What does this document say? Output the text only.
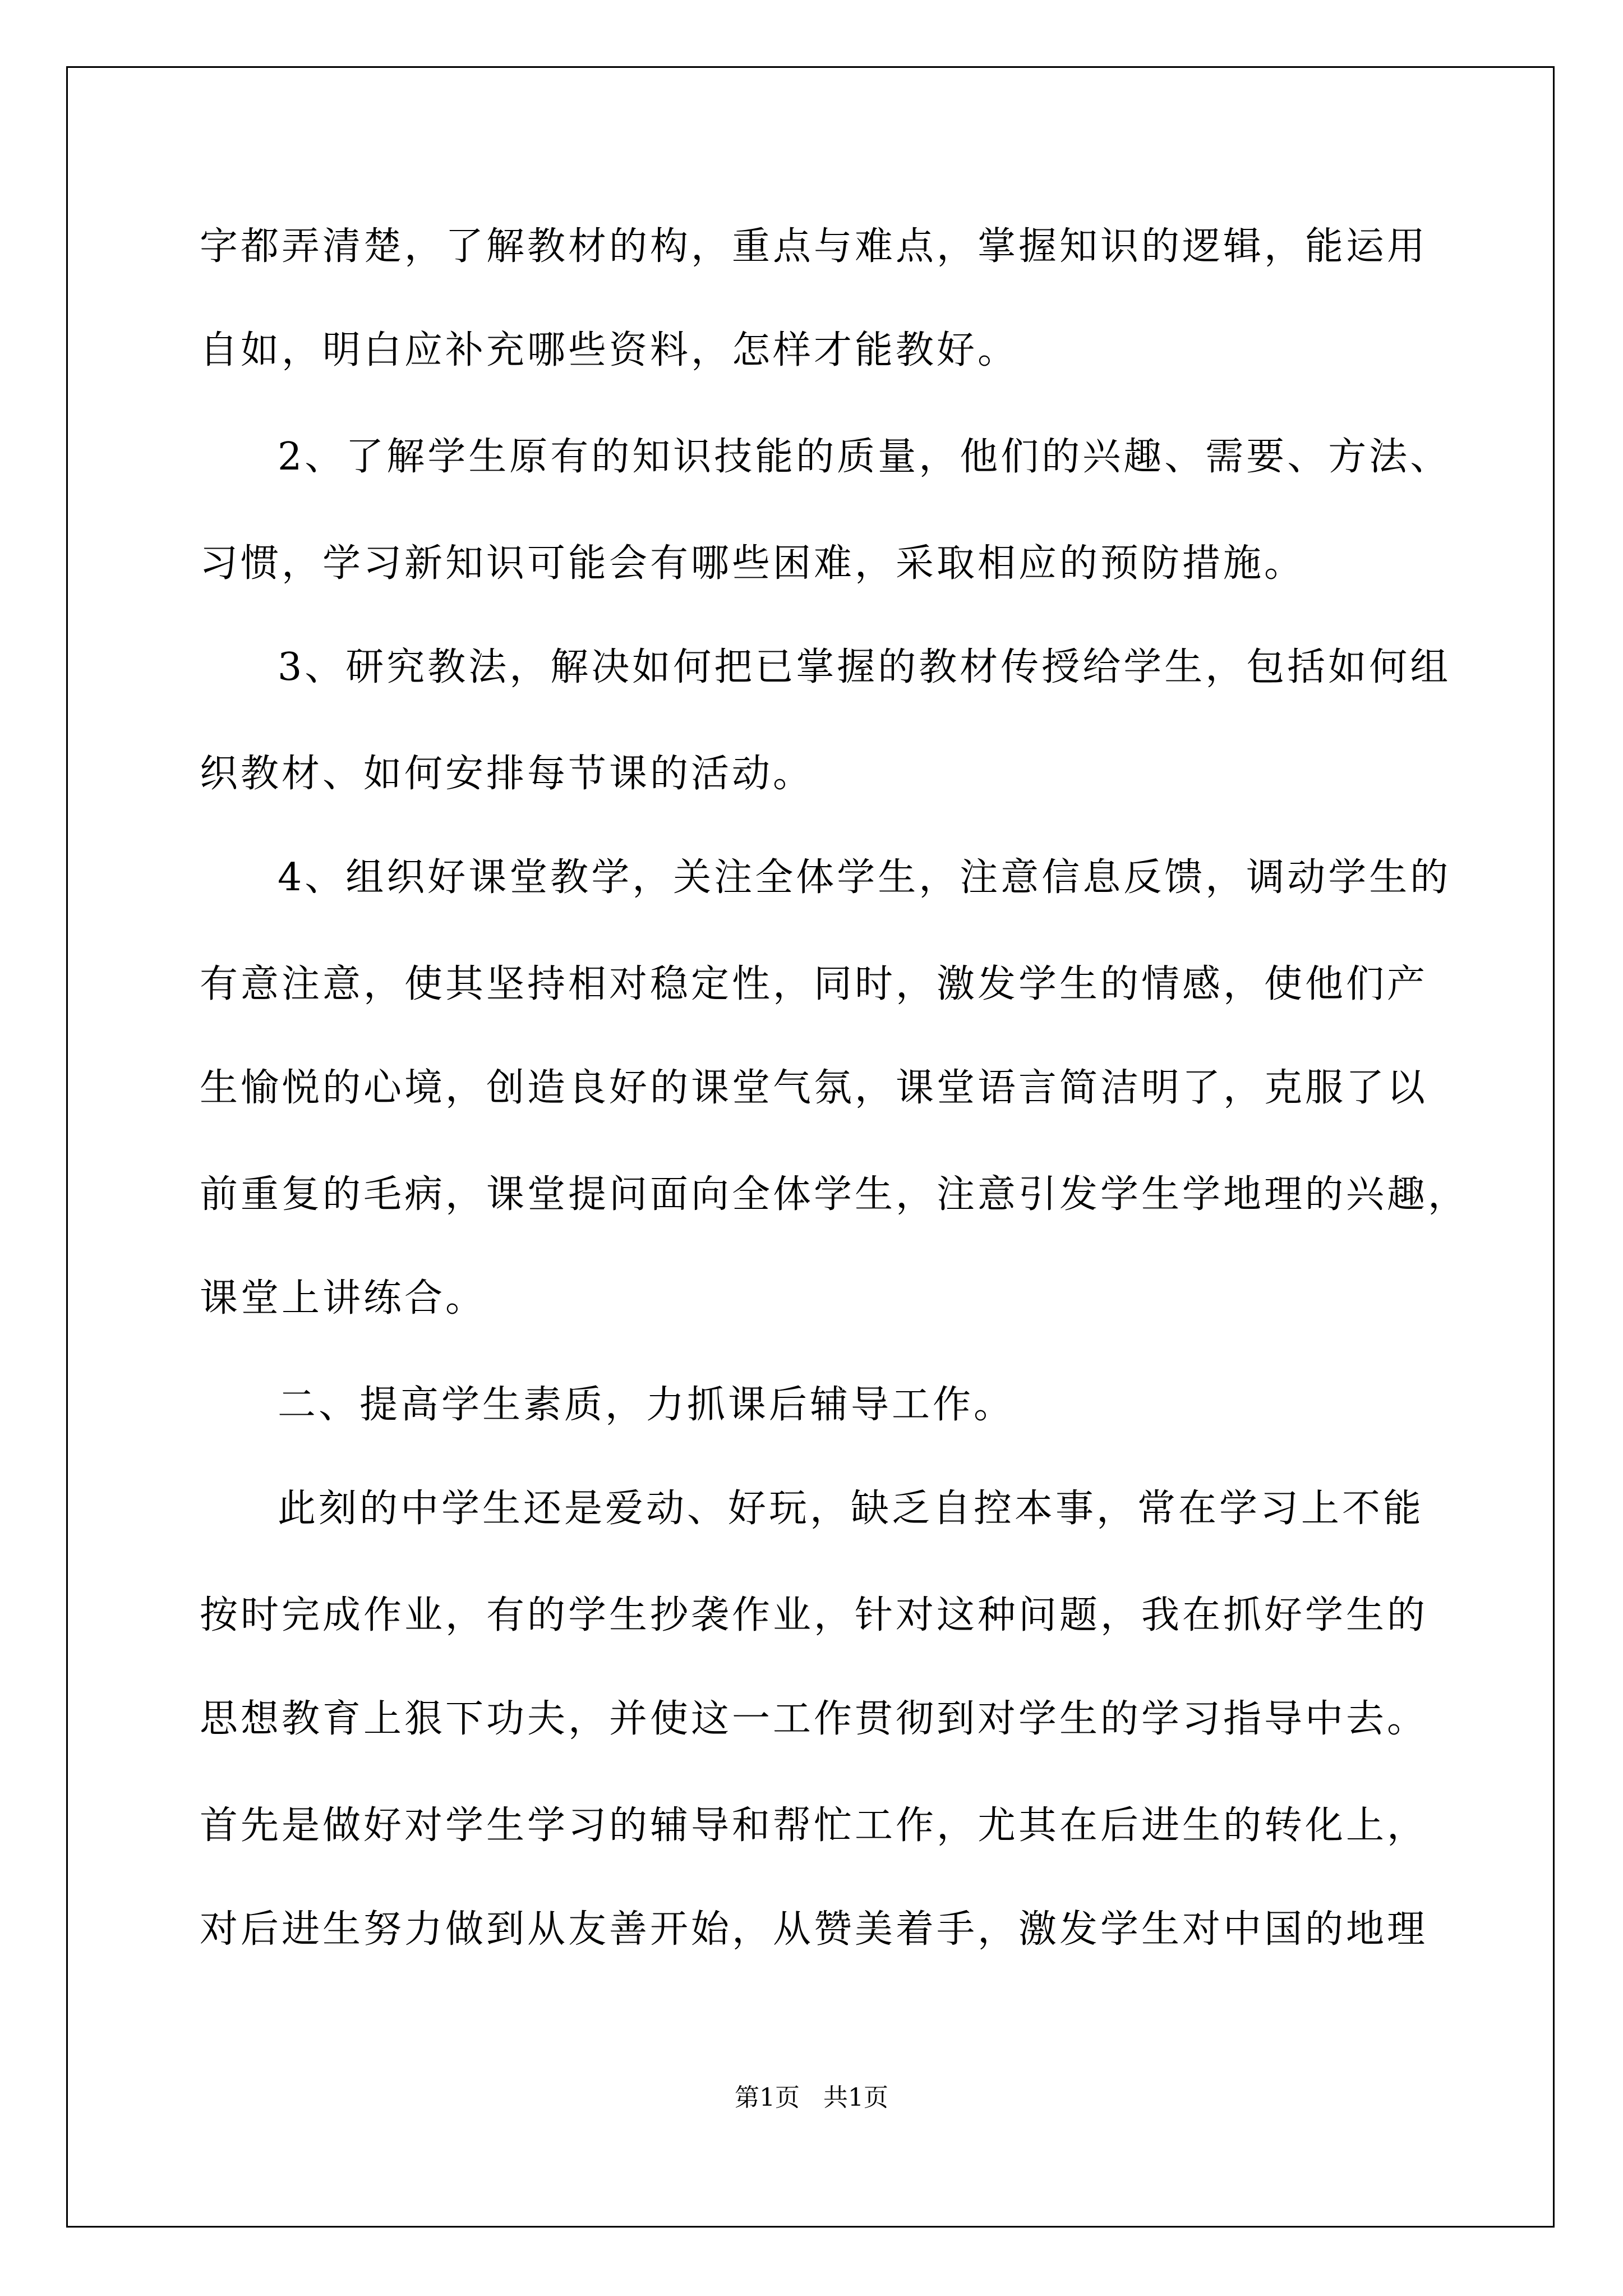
字都弄清楚，了解教材的构，重点与难点，掌握知识的逻辑，能运用
自如，明白应补充哪些资料，怎样才能教好。
2、了解学生原有的知识技能的质量，他们的兴趣、需要、方法、
习惯，学习新知识可能会有哪些困难，采取相应的预防措施。
3、研究教法，解决如何把已掌握的教材传授给学生，包括如何组
织教材、如何安排每节课的活动。
4、组织好课堂教学，关注全体学生，注意信息反馈，调动学生的
有意注意，使其坚持相对稳定性，同时，激发学生的情感，使他们产
生愉悦的心境，创造良好的课堂气氛，课堂语言简洁明了，克服了以
前重复的毛病，课堂提问面向全体学生，注意引发学生学地理的兴趣，
课堂上讲练合。
二、提高学生素质，力抓课后辅导工作。
此刻的中学生还是爱动、好玩，缺乏自控本事，常在学习上不能
按时完成作业，有的学生抄袭作业，针对这种问题，我在抓好学生的
思想教育上狠下功夫，并使这一工作贯彻到对学生的学习指导中去。
首先是做好对学生学习的辅导和帮忙工作，尤其在后进生的转化上，
对后进生努力做到从友善开始，从赞美着手，激发学生对中国的地理
第1页   共1页
